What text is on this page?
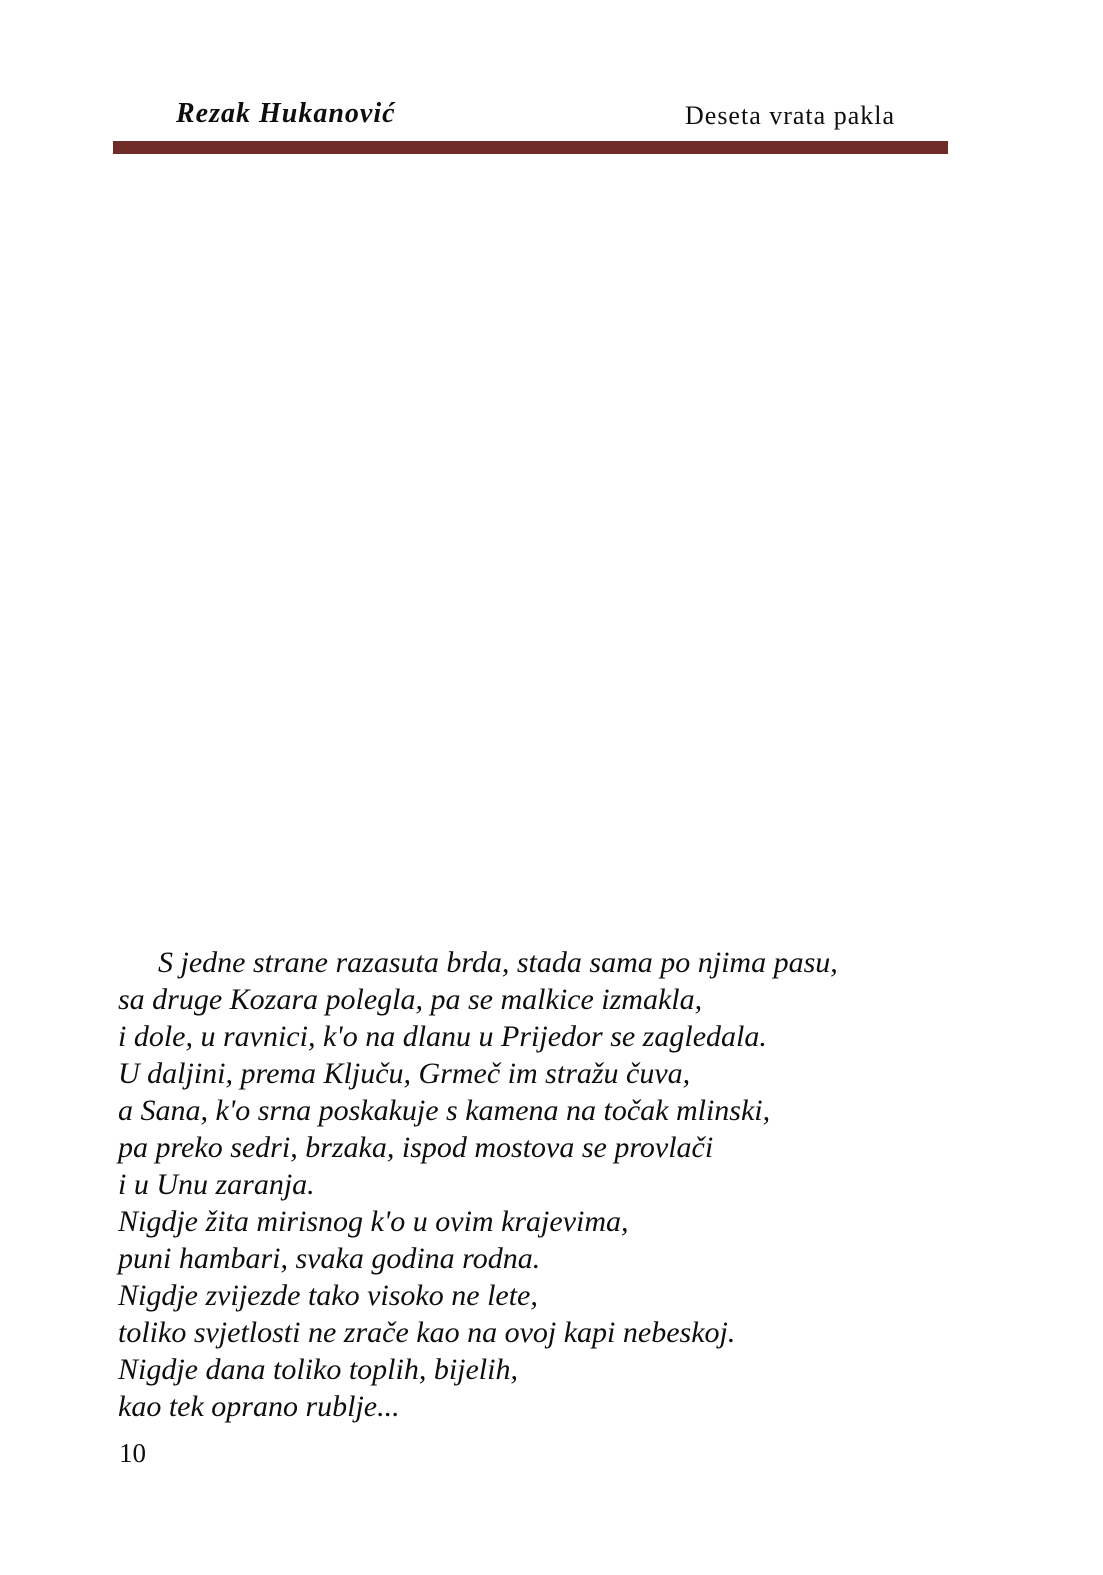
Rezak Hukanović	Deseta vrata pakla
S jedne strane razasuta brda, stada sama po njima pasu,
sa druge Kozara polegla, pa se malkice izmakla,
i dole, u ravnici, k'o na dlanu u Prijedor se zagledala.
U daljini, prema Ključu, Grmeč im stražu čuva,
a Sana, k'o srna poskakuje s kamena na točak mlinski,
pa preko sedri, brzaka, ispod mostova se provlači
i u Unu zaranja.
Nigdje žita mirisnog k'o u ovim krajevima,
puni hambari, svaka godina rodna.
Nigdje zvijezde tako visoko ne lete,
toliko svjetlosti ne zrače kao na ovoj kapi nebeskoj.
Nigdje dana toliko toplih, bijelih,
kao tek oprano rublje...
10
